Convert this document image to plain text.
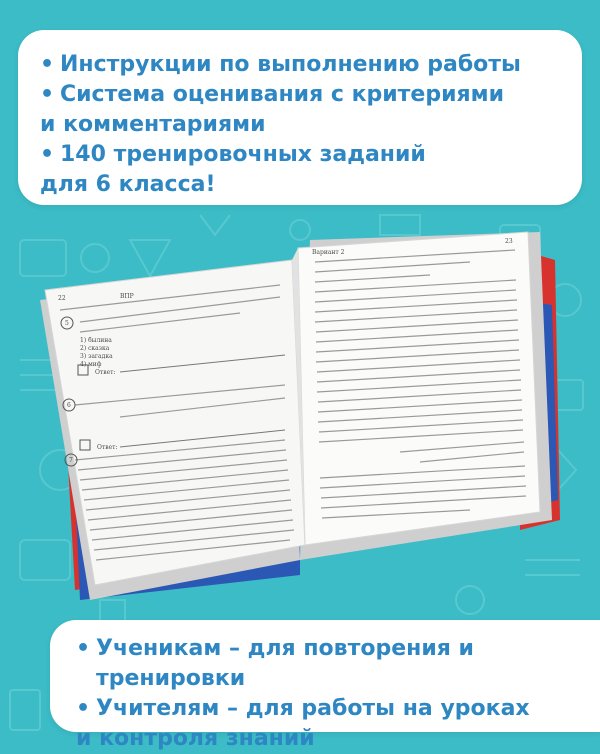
• Инструкции по выполнению работы
• Система оценивания с критериями
и комментариями
• 140 тренировочных заданий
для 6 класса!
22
5
6
7
1) былина
2) сказка
3) загадка
4) миф
Ответ:
Ответ:
ВПР
23
Вариант 2
• Ученикам – для повторения и тренировки
• Учителям – для работы на уроках
и контроля знаний
